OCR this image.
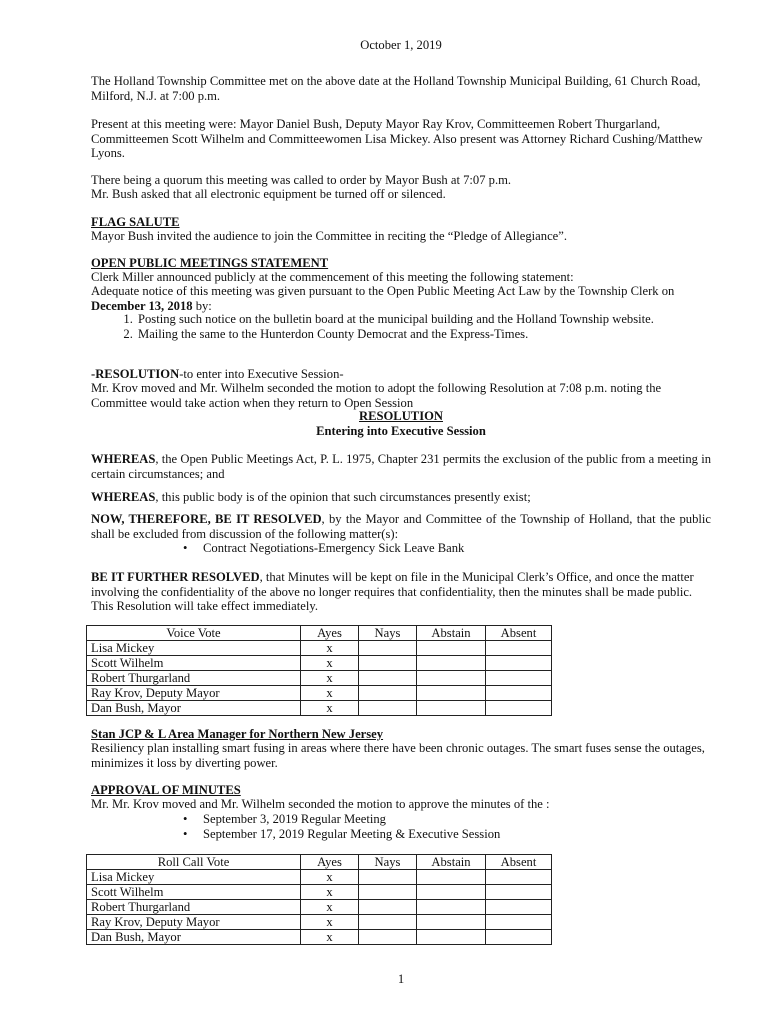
October 1, 2019

The Holland Township Committee met on the above date at the Holland Township Municipal Building, 61 Church Road, Milford, N.J. at 7:00 p.m.

Present at this meeting were: Mayor Daniel Bush, Deputy Mayor Ray Krov, Committeemen Robert Thurgarland, Committeemen Scott Wilhelm and Committeewomen Lisa Mickey. Also present was Attorney Richard Cushing/Matthew Lyons.

There being a quorum this meeting was called to order by Mayor Bush at 7:07 p.m.

Mr. Bush asked that all electronic equipment be turned off or silenced.

FLAG SALUTE

Mayor Bush invited the audience to join the Committee in reciting the “Pledge of Allegiance”.

OPEN PUBLIC MEETINGS STATEMENT

Clerk Miller announced publicly at the commencement of this meeting the following statement:

Adequate notice of this meeting was given pursuant to the Open Public Meeting Act Law by the Township Clerk on December 13, 2018 by:

1. Posting such notice on the bulletin board at the municipal building and the Holland Township website.
2. Mailing the same to the Hunterdon County Democrat and the Express-Times.

-RESOLUTION-to enter into Executive Session-

Mr. Krov moved and Mr. Wilhelm seconded the motion to adopt the following Resolution at 7:08 p.m. noting the Committee would take action when they return to Open Session

RESOLUTION

Entering into Executive Session

WHEREAS, the Open Public Meetings Act, P. L. 1975, Chapter 231 permits the exclusion of the public from a meeting in certain circumstances; and

WHEREAS, this public body is of the opinion that such circumstances presently exist;

NOW, THEREFORE, BE IT RESOLVED, by the Mayor and Committee of the Township of Holland, that the public shall be excluded from discussion of the following matter(s):

• Contract Negotiations-Emergency Sick Leave Bank

BE IT FURTHER RESOLVED, that Minutes will be kept on file in the Municipal Clerk’s Office, and once the matter involving the confidentiality of the above no longer requires that confidentiality, then the minutes shall be made public. This Resolution will take effect immediately.

Voice Vote	Ayes	Nays	Abstain	Absent
Lisa Mickey	x			
Scott Wilhelm	x			
Robert Thurgarland	x			
Ray Krov, Deputy Mayor	x			
Dan Bush, Mayor	x			

Stan JCP & L Area Manager for Northern New Jersey

Resiliency plan installing smart fusing in areas where there have been chronic outages. The smart fuses sense the outages, minimizes it loss by diverting power.

APPROVAL OF MINUTES

Mr. Mr. Krov moved and Mr. Wilhelm seconded the motion to approve the minutes of the :

• September 3, 2019 Regular Meeting
• September 17, 2019 Regular Meeting & Executive Session
Roll Call Vote	Ayes	Nays	Abstain	Absent
Lisa Mickey	x			
Scott Wilhelm	x			
Robert Thurgarland	x			
Ray Krov, Deputy Mayor	x			
Dan Bush, Mayor	x			

1
